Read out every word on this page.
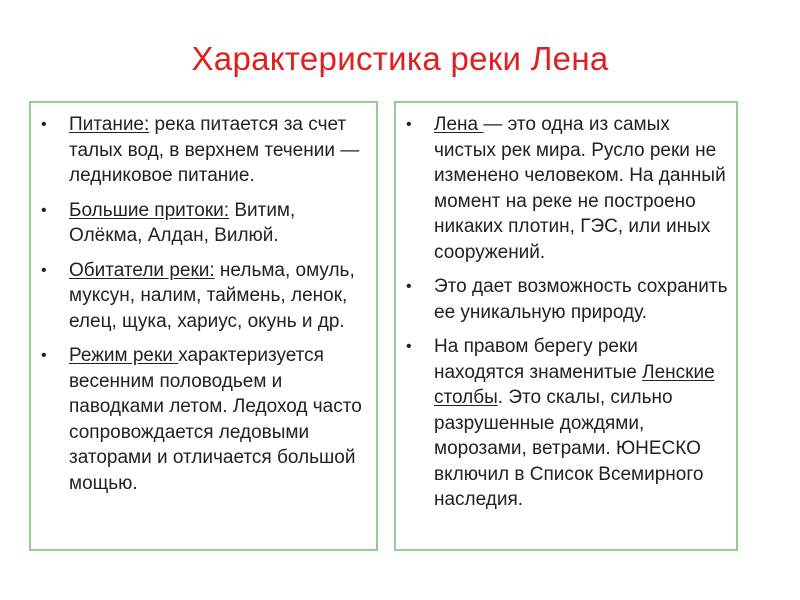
Характеристика реки Лена
• Питание: река питается за счет талых вод, в верхнем течении — ледниковое питание.
• Большие притоки: Витим, Олёкма, Алдан, Вилюй.
• Обитатели реки: нельма, омуль, муксун, налим, таймень, ленок, елец, щука, хариус, окунь и др.
• Режим реки характеризуется весенним половодьем и паводками летом. Ледоход часто сопровождается ледовыми заторами и отличается большой мощью.
• Лена — это одна из самых чистых рек мира. Русло реки не изменено человеком. На данный момент на реке не построено никаких плотин, ГЭС, или иных сооружений.
• Это дает возможность сохранить ее уникальную природу.
• На правом берегу реки находятся знаменитые Ленские столбы. Это скалы, сильно разрушенные дождями, морозами, ветрами. ЮНЕСКО включил в Список Всемирного наследия.
